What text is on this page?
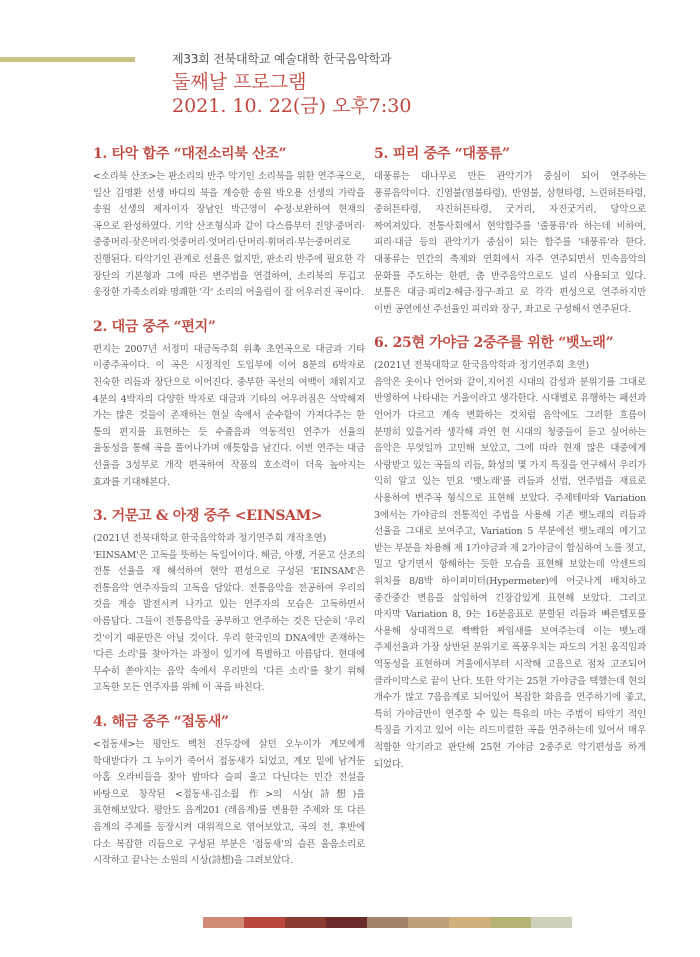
제33회 전북대학교 예술대학 한국음악학과
둘째날 프로그램
2021. 10. 22(금) 오후7:30
1. 타악 합주 “대전소리북 산조”

<소리북 산조>는 판소리의 반주 악기인 소리북을 위한 연주곡으로, 일산 김명환 선생 바디의 북을 계승한 송원 박오용 선생의 가락을 송원 선생의 제자이자 장남인 박근영이 수정·보완하여 현재의 곡으로 완성하였다. 기악 산조형식과 같이 다스름부터 진양·중머리·중중머리·잦은머리·엇중머리·엇머리·단머리·휘머리·부는중머리로 진행된다. 타악기인 관계로 선율은 없지만, 판소리 반주에 필요한 각 장단의 기본형과 그에 따른 변주법을 연결하여, 소리북의 투깁고 웅장한 가죽소리와 명쾌한 '각' 소리의 어울림이 잘 어우러진 곡이다.

2. 대금 중주 “편지”

편지는 2007년 서정미 대금독주회 위촉 초연곡으로 대금과 기타 이중주곡이다. 이 곡은 시정적인 도입부에 이어 8분의 6박자로 친숙한 리듬과 장단으로 이어진다. 중부한 곡선의 여백이 채워지고 4분의 4박자의 다양한 박자로 대금과 기타의 어우러짐은 삭막해져 가는 많은 것들이 존재하는 현실 속에서 순수함이 가져다주는 한 통의 편지를 표현하는 듯 수줍음과 역동적인 연주가 선율의 율동성을 통해 곡을 풀어나가며 애틋함을 남긴다. 이번 연주는 대금 선율을 3성부로 개작 편곡하여 작품의 호소력이 더욱 높아지는 효과를 기대해본다.

3. 거문고 & 아쟁 중주 <EINSAM>

(2021년 전북대학교 한국음악학과 정기연주회 개작초연)

'EINSAM'은 고독을 뜻하는 독일어이다. 해금, 아쟁, 거문고 산조의 전통 선율을 재 해석하여 현악 편성으로 구성된 'EINSAM'은 전통음악 연주자들의 고독을 담았다. 전통음악을 전공하여 우리의 것을 계승 발전시켜 나가고 있는 연주자의 모습은 고독하면서 아름답다. 그들이 전통음악을 공부하고 연주하는 것은 단순히 '우리 것'이기 때문만은 아닐 것이다. 우리 한국인의 DNA에만 존재하는 '다른 소리'를 찾아가는 과정이 있기에 특별하고 아름답다. 현대에 무수히 쏟아지는 음악 속에서 우리만의 '다른 소리'를 찾기 위해 고독한 모든 연주자를 위해 이 곡을 바친다.

4. 해금 중주 “접동새”

<접동새>는 평안도 백천 진두강에 살던 오누이가 계모에게 학대받다가 그 누이가 죽어서 접동새가 되었고, 계모 밑에 남겨둔 아홉 오라비들을 찾아 밤마다 슬피 울고 다닌다는 민간 전설을 바탕으로 창작된 <접동새-김소월 作>의 시상(詩想)을 표현해보았다. 평안도 음계201 (레음계)를 변용한 주제와 또 다른 음계의 주제를 등장시켜 대위적으로 엮어보았고, 곡의 전, 후반에 다소 복잡한 리듬으로 구성된 부분은 '접동새'의 슬픈 울음소리로 시작하고 끝나는 소원의 시상(詩想)을 그려보았다.

5. 피리 중주 “대풍류”

대풍류는 대나무로 만든 관악기가 중심이 되어 연주하는 풍류음악이다. 긴염불(염불타령), 반염불, 삼현타령, 느린허튼타령, 중허튼타령, 자진허튼타령, 굿거리, 자진굿거리, 당악으로 짜여져있다. 전통사회에서 현악합주를 '줄풍류'라 하는데 비하여, 피리·대금 등의 관악기가 중심이 되는 합주를 '대풍류'라 한다. 대풍류는 민간의 축제와 연회에서 자주 연주되면서 민속음악의 문화를 주도하는 한편, 춤 반주음악으로도 널리 사용되고 있다. 보통은 대금·피리2·해금·장구·좌고 로 각각 편성으로 연주하지만 이번 공연에선 주선율인 피리와 장구, 좌고로 구성해서 연주된다.

6. 25현 가야금 2중주를 위한 “뱃노래”

(2021년 전북대학교 한국음악학과 정기연주회 초연)

음악은 옷이나 언어와 같이,지어진 시대의 감성과 분위기를 그대로 반영하여 나타내는 거울이라고 생각한다. 시대별로 유행하는 패션과 언어가 다르고 계속 변화하는 것처럼 음악에도 그러한 흐름이 분명히 있을거라 생각해 과연 현 시대의 청중들이 듣고 싶어하는 음악은 무엇일까 고민해 보았고, 그에 따라 현재 많은 대중에게 사랑받고 있는 곡들의 리듬, 화성의 몇 가지 특징을 연구해서 우리가 익히 알고 있는 민요 '뱃노래'를 리듬과 선법, 연주법을 재료로 사용하여 변주곡 형식으로 표현해 보았다. 주제테마와 Variation 3에서는 가야금의 전통적인 주법을 사용해 기존 뱃노래의 리듬과 선율을 그대로 보여주고, Variation 5 부분에선 뱃노래의 메기고 받는 부분을 차용해 제 1가야금과 제 2가야금이 합심하여 노를 젓고, 밀고 당기면서 항해하는 듯한 모습을 표현해 보았는데 악센트의 위치를 8/8박 하이퍼미터(Hypermeter)에 어긋나게 배치하고 중간중간 변음을 삽입하여 긴장감있게 표현해 보았다. 그리고 마지막 Variation 8, 9는 16분음표로 분할된 리듬과 빠른템포를 사용해 상대적으로 빡빡한 짜임새를 보여주는데 이는 뱃노래 주제선율과 가장 상반된 분위기로 폭풍우치는 파도의 거친 움직임과 역동성을 표현하며 겨울에서부터 시작해 고음으로 점차 고조되어 클라이막스로 끝이 난다. 또한 악기는 25현 가야금을 택했는데 현의 개수가 많고 7음음계로 되어있어 복잡한 화음을 연주하기에 좋고, 특히 가야금만이 연주할 수 있는 특유의 마는 주법이 타악기 적인 특징을 가지고 있어 이는 리드미컬한 곡을 연주하는데 있어서 매우 적합한 악기라고 판단해 25현 가야금 2중주로 악기편성을 하게 되었다.
